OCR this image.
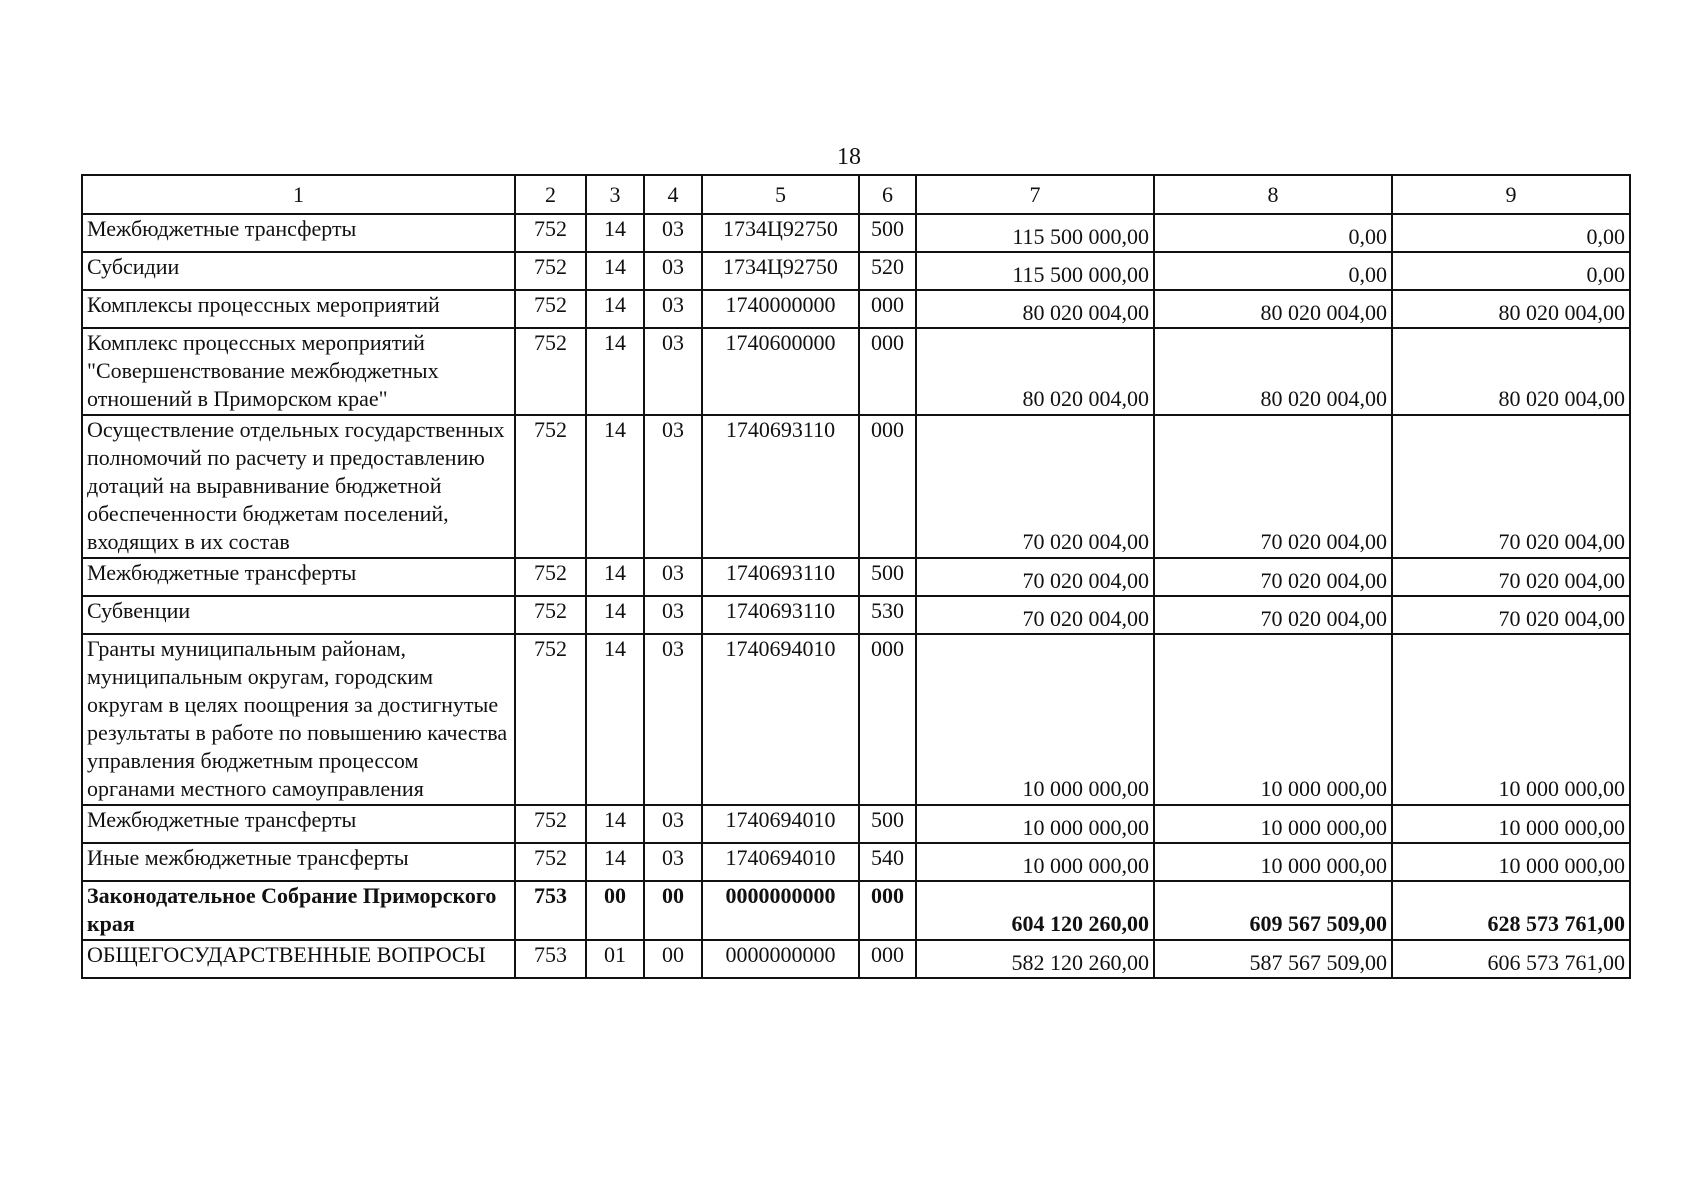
18
1	2	3	4	5	6	7	8	9
Межбюджетные трансферты	752	14	03	1734Ц92750	500	115 500 000,00	0,00	0,00
Субсидии	752	14	03	1734Ц92750	520	115 500 000,00	0,00	0,00
Комплексы процессных мероприятий	752	14	03	1740000000	000	80 020 004,00	80 020 004,00	80 020 004,00
Комплекс процессных мероприятий "Совершенствование межбюджетных отношений в Приморском крае"	752	14	03	1740600000	000	80 020 004,00	80 020 004,00	80 020 004,00
Осуществление отдельных государственных полномочий по расчету и предоставлению дотаций на выравнивание бюджетной обеспеченности бюджетам поселений, входящих в их состав	752	14	03	1740693110	000	70 020 004,00	70 020 004,00	70 020 004,00
Межбюджетные трансферты	752	14	03	1740693110	500	70 020 004,00	70 020 004,00	70 020 004,00
Субвенции	752	14	03	1740693110	530	70 020 004,00	70 020 004,00	70 020 004,00
Гранты муниципальным районам, муниципальным округам, городским округам в целях поощрения за достигнутые результаты в работе по повышению качества управления бюджетным процессом органами местного самоуправления	752	14	03	1740694010	000	10 000 000,00	10 000 000,00	10 000 000,00
Межбюджетные трансферты	752	14	03	1740694010	500	10 000 000,00	10 000 000,00	10 000 000,00
Иные межбюджетные трансферты	752	14	03	1740694010	540	10 000 000,00	10 000 000,00	10 000 000,00
Законодательное Собрание Приморского края	753	00	00	0000000000	000	604 120 260,00	609 567 509,00	628 573 761,00
ОБЩЕГОСУДАРСТВЕННЫЕ ВОПРОСЫ	753	01	00	0000000000	000	582 120 260,00	587 567 509,00	606 573 761,00
